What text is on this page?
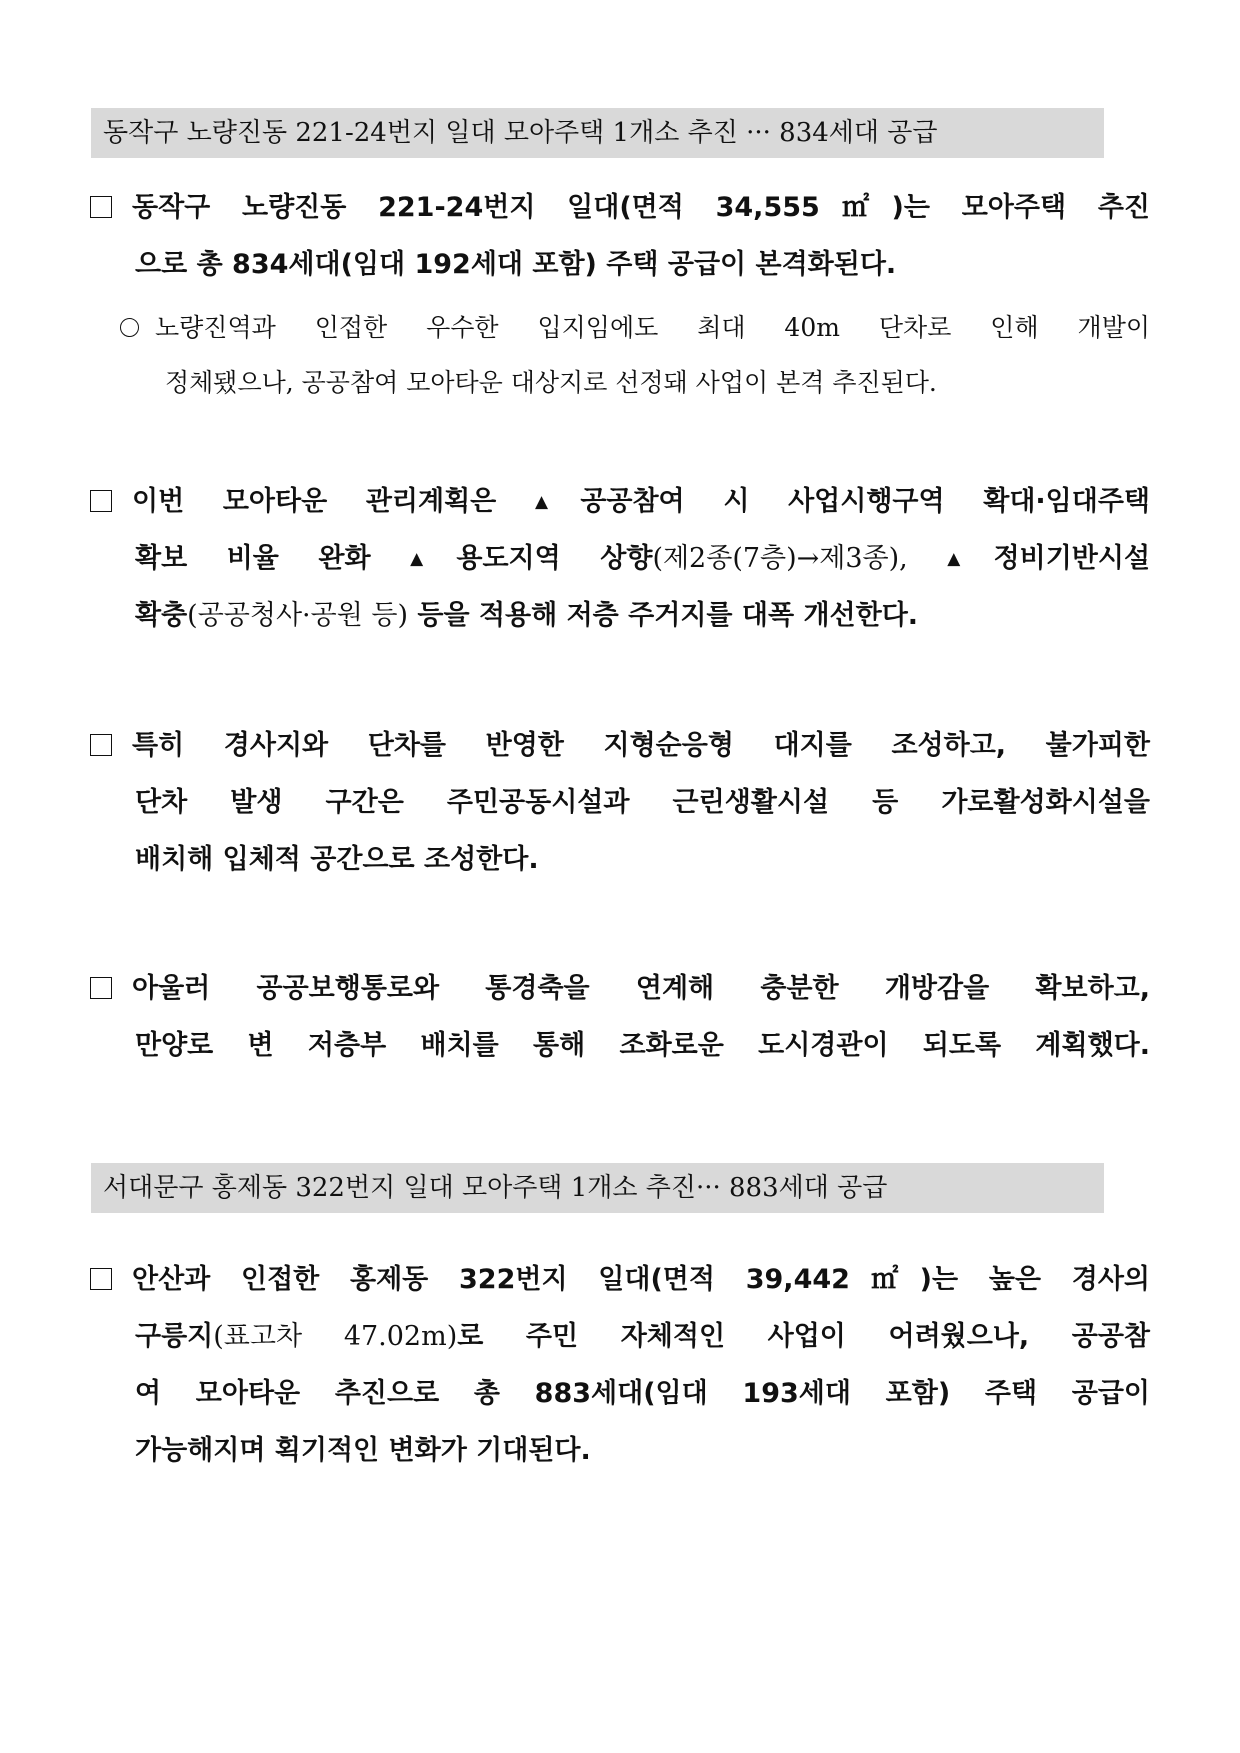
동작구 노량진동 221-24번지 일대 모아주택 1개소 추진 ··· 834세대 공급
동작구 노량진동 221-24번지 일대(면적 34,555㎡)는 모아주택 추진
으로 총 834세대(임대 192세대 포함) 주택 공급이 본격화된다.
노량진역과 인접한 우수한 입지임에도 최대 40m 단차로 인해 개발이
정체됐으나, 공공참여 모아타운 대상지로 선정돼 사업이 본격 추진된다.
이번 모아타운 관리계획은 ▲ 공공참여 시 사업시행구역 확대·임대주택
확보 비율 완화 ▲ 용도지역 상향(제2종(7층)→제3종), ▲ 정비기반시설
확충(공공청사·공원 등) 등을 적용해 저층 주거지를 대폭 개선한다.
특히 경사지와 단차를 반영한 지형순응형 대지를 조성하고, 불가피한
단차 발생 구간은 주민공동시설과 근린생활시설 등 가로활성화시설을
배치해 입체적 공간으로 조성한다.
아울러 공공보행통로와 통경축을 연계해 충분한 개방감을 확보하고,
만양로 변 저층부 배치를 통해 조화로운 도시경관이 되도록 계획했다.
서대문구 홍제동 322번지 일대 모아주택 1개소 추진··· 883세대 공급
안산과 인접한 홍제동 322번지 일대(면적 39,442㎡)는 높은 경사의
구릉지(표고차 47.02m)로 주민 자체적인 사업이 어려웠으나, 공공참
여 모아타운 추진으로 총 883세대(임대 193세대 포함) 주택 공급이
가능해지며 획기적인 변화가 기대된다.
